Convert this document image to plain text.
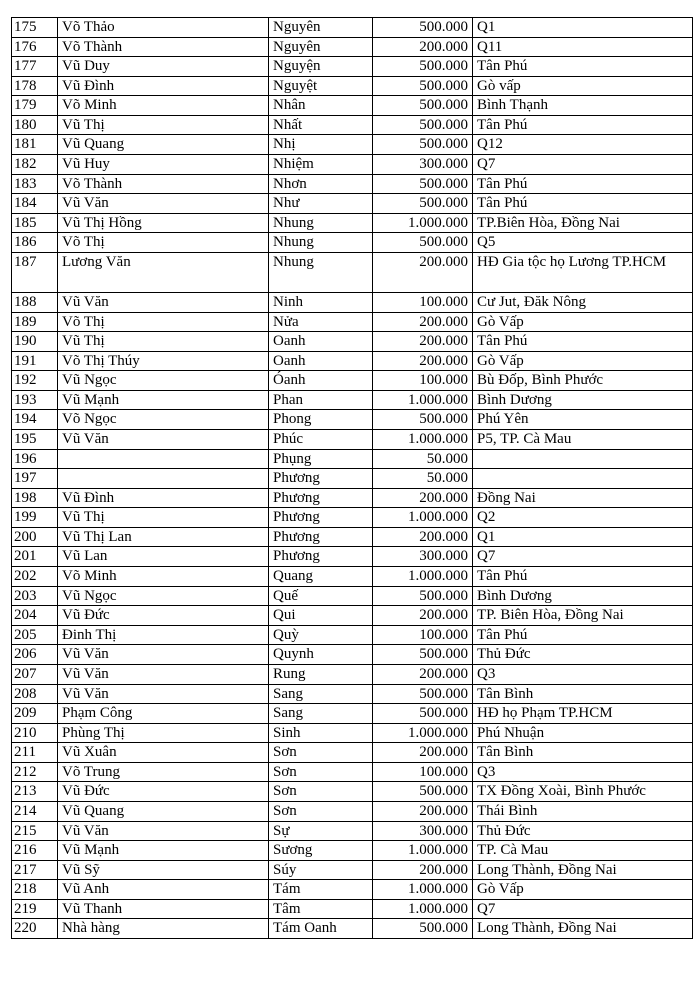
175	Võ Thảo	Nguyên	500.000	Q1
176	Võ Thành	Nguyên	200.000	Q11
177	Vũ Duy	Nguyện	500.000	Tân Phú
178	Vũ Đình	Nguyệt	500.000	Gò vấp
179	Võ Minh	Nhân	500.000	Bình Thạnh
180	Vũ Thị	Nhất	500.000	Tân Phú
181	Vũ Quang	Nhị	500.000	Q12
182	Vũ Huy	Nhiệm	300.000	Q7
183	Võ Thành	Nhơn	500.000	Tân Phú
184	Vũ Văn	Như	500.000	Tân Phú
185	Vũ Thị Hồng	Nhung	1.000.000	TP.Biên Hòa, Đồng Nai
186	Võ Thị	Nhung	500.000	Q5
187	Lương Văn	Nhung	200.000	HĐ Gia tộc họ Lương TP.HCM
188	Vũ Văn	Ninh	100.000	Cư Jut, Đăk Nông
189	Võ Thị	Nửa	200.000	Gò Vấp
190	Vũ Thị	Oanh	200.000	Tân Phú
191	Võ Thị Thúy	Oanh	200.000	Gò Vấp
192	Vũ Ngọc	Óanh	100.000	Bù Đốp, Bình Phước
193	Vũ Mạnh	Phan	1.000.000	Bình Dương
194	Võ Ngọc	Phong	500.000	Phú Yên
195	Vũ Văn	Phúc	1.000.000	P5, TP. Cà Mau
196		Phụng	50.000	
197		Phương	50.000	
198	Vũ Đình	Phương	200.000	Đồng Nai
199	Vũ Thị	Phương	1.000.000	Q2
200	Vũ Thị Lan	Phương	200.000	Q1
201	Vũ Lan	Phương	300.000	Q7
202	Võ Minh	Quang	1.000.000	Tân Phú
203	Vũ Ngọc	Quế	500.000	Bình Dương
204	Vũ Đức	Qui	200.000	TP. Biên Hòa, Đồng Nai
205	Đinh Thị	Quỳ	100.000	Tân Phú
206	Vũ Văn	Quynh	500.000	Thủ Đức
207	Vũ Văn	Rung	200.000	Q3
208	Vũ Văn	Sang	500.000	Tân Bình
209	Phạm Công	Sang	500.000	HĐ họ Phạm TP.HCM
210	Phùng Thị	Sinh	1.000.000	Phú Nhuận
211	Vũ Xuân	Sơn	200.000	Tân Bình
212	Võ Trung	Sơn	100.000	Q3
213	Vũ Đức	Sơn	500.000	TX Đồng Xoài, Bình Phước
214	Vũ Quang	Sơn	200.000	Thái Bình
215	Vũ Văn	Sự	300.000	Thủ Đức
216	Vũ Mạnh	Sương	1.000.000	TP. Cà Mau
217	Vũ Sỹ	Súy	200.000	Long Thành, Đồng Nai
218	Vũ Anh	Tám	1.000.000	Gò Vấp
219	Vũ Thanh	Tâm	1.000.000	Q7
220	Nhà hàng	Tám Oanh	500.000	Long Thành, Đồng Nai
